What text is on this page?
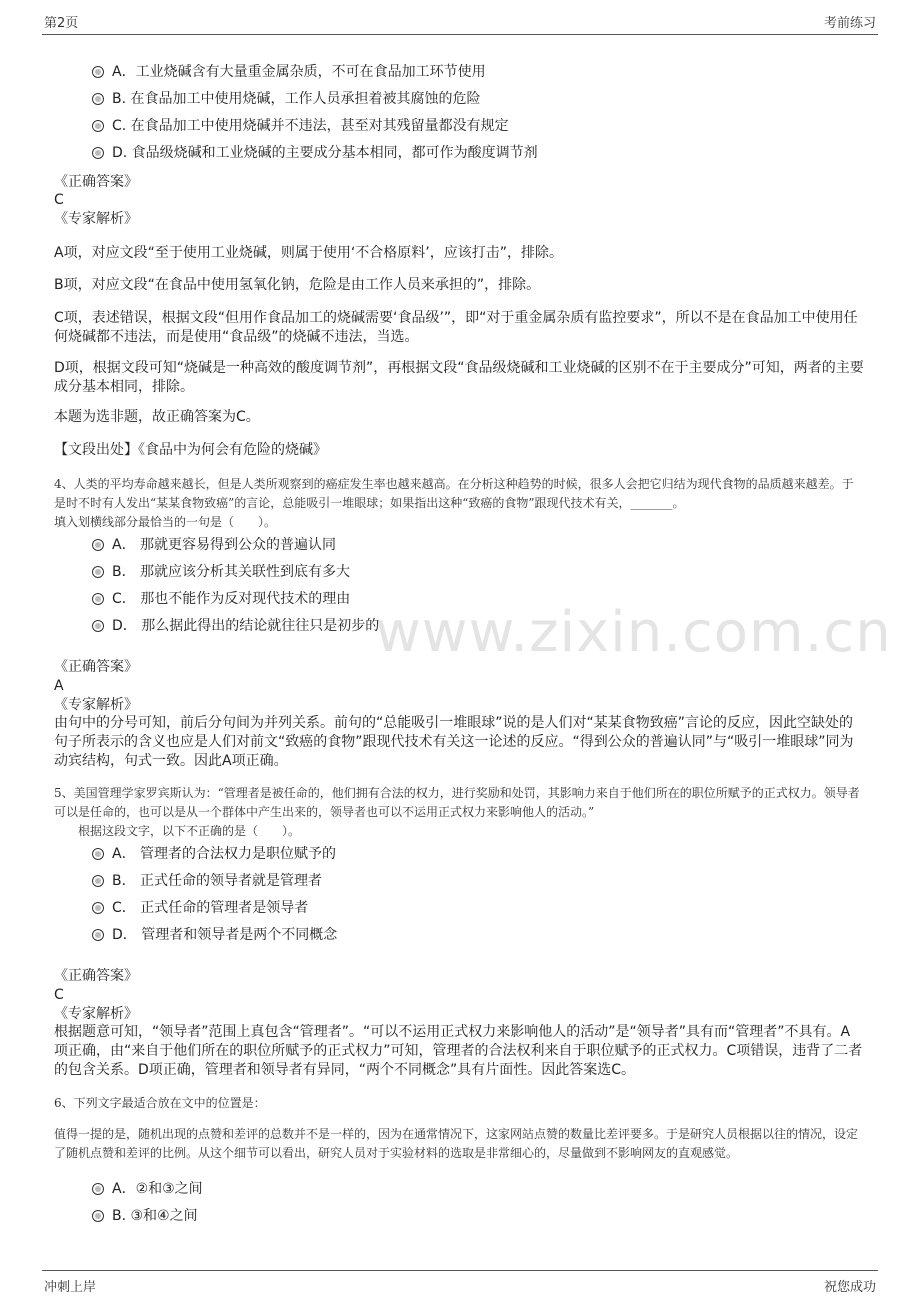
第2页	考前练习
www.zixin.com.cn
A．工业烧碱含有大量重金属杂质，不可在食品加工环节使用
B. 在食品加工中使用烧碱，工作人员承担着被其腐蚀的危险
C. 在食品加工中使用烧碱并不违法，甚至对其残留量都没有规定
D. 食品级烧碱和工业烧碱的主要成分基本相同，都可作为酸度调节剂
《正确答案》
C
《专家解析》
A项，对应文段“至于使用工业烧碱，则属于使用‘不合格原料’，应该打击”，排除。
B项，对应文段“在食品中使用氢氧化钠，危险是由工作人员来承担的”，排除。
C项，表述错误，根据文段“但用作食品加工的烧碱需要‘食品级’”，即“对于重金属杂质有监控要求”，所以不是在食品加工中使用任何烧碱都不违法，而是使用“食品级”的烧碱不违法，当选。
D项，根据文段可知“烧碱是一种高效的酸度调节剂”，再根据文段“食品级烧碱和工业烧碱的区别不在于主要成分”可知，两者的主要成分基本相同，排除。
本题为选非题，故正确答案为C。
【文段出处】《食品中为何会有危险的烧碱》
4、人类的平均寿命越来越长，但是人类所观察到的癌症发生率也越来越高。在分析这种趋势的时候，很多人会把它归结为现代食物的品质越来越差。于是时不时有人发出“某某食物致癌”的言论，总能吸引一堆眼球；如果指出这种“致癌的食物”跟现代技术有关，_______。
填入划横线部分最恰当的一句是（　　）。
A． 那就更容易得到公众的普遍认同
B． 那就应该分析其关联性到底有多大
C． 那也不能作为反对现代技术的理由
D． 那么据此得出的结论就往往只是初步的
《正确答案》
A
《专家解析》
由句中的分号可知，前后分句间为并列关系。前句的“总能吸引一堆眼球”说的是人们对“某某食物致癌”言论的反应，因此空缺处的句子所表示的含义也应是人们对前文“致癌的食物”跟现代技术有关这一论述的反应。“得到公众的普遍认同”与“吸引一堆眼球”同为动宾结构，句式一致。因此A项正确。
5、美国管理学家罗宾斯认为：“管理者是被任命的，他们拥有合法的权力，进行奖励和处罚，其影响力来自于他们所在的职位所赋予的正式权力。领导者可以是任命的，也可以是从一个群体中产生出来的，领导者也可以不运用正式权力来影响他人的活动。”
根据这段文字，以下不正确的是（　　）。
A． 管理者的合法权力是职位赋予的
B． 正式任命的领导者就是管理者
C． 正式任命的管理者是领导者
D． 管理者和领导者是两个不同概念
《正确答案》
C
《专家解析》
根据题意可知，“领导者”范围上真包含“管理者”。“可以不运用正式权力来影响他人的活动”是“领导者”具有而“管理者”不具有。A项正确，由“来自于他们所在的职位所赋予的正式权力”可知，管理者的合法权利来自于职位赋予的正式权力。C项错误，违背了二者的包含关系。D项正确，管理者和领导者有异同，“两个不同概念”具有片面性。因此答案选C。
6、下列文字最适合放在文中的位置是：
值得一提的是，随机出现的点赞和差评的总数并不是一样的，因为在通常情况下，这家网站点赞的数量比差评要多。于是研究人员根据以往的情况，设定了随机点赞和差评的比例。从这个细节可以看出，研究人员对于实验材料的选取是非常细心的，尽量做到不影响网友的直观感觉。
A．②和③之间
B. ③和④之间
冲刺上岸	祝您成功
